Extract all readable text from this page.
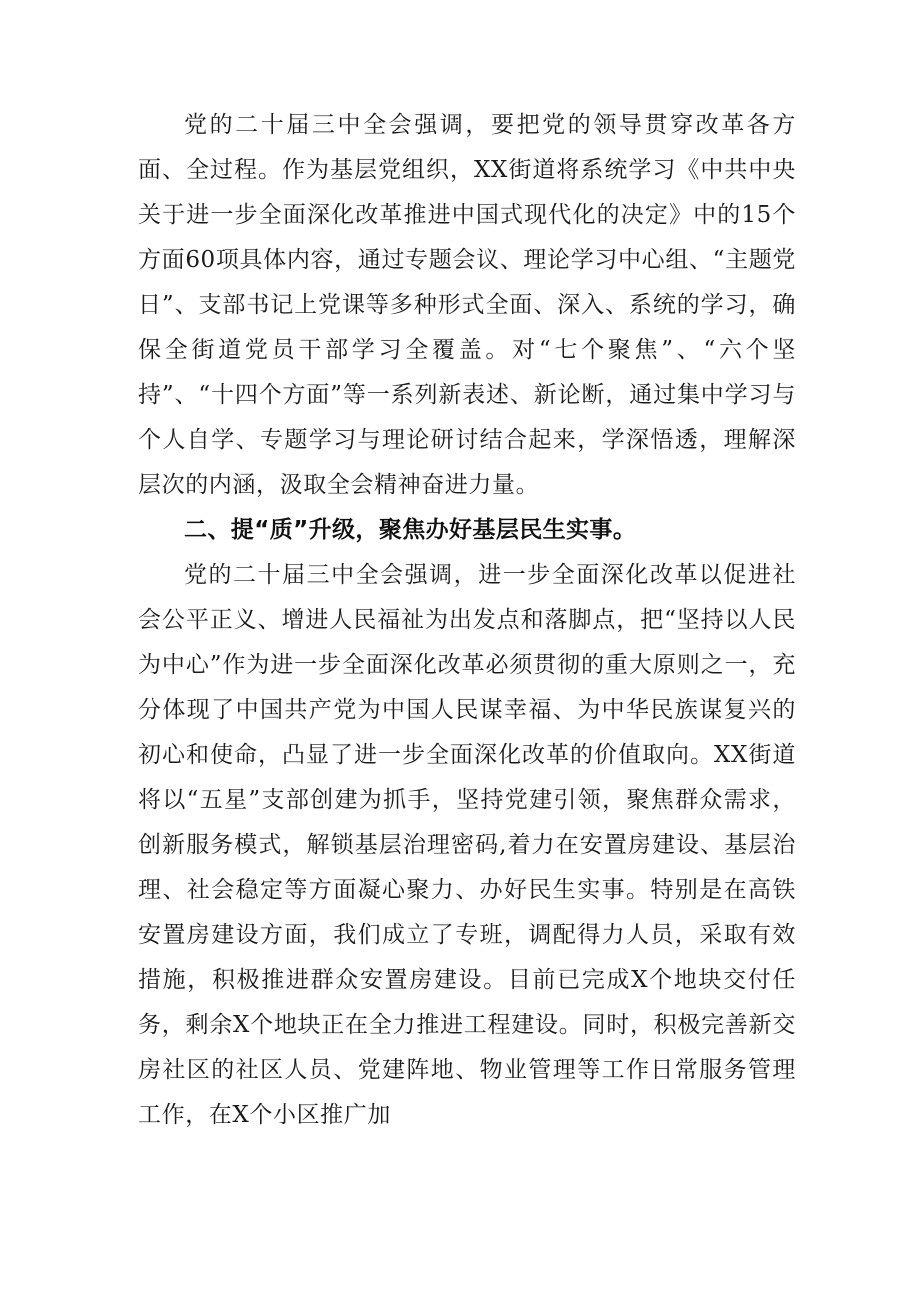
党的二十届三中全会强调，要把党的领导贯穿改革各方面、全过程。作为基层党组织，XX街道将系统学习《中共中央关于进一步全面深化改革推进中国式现代化的决定》中的15个方面60项具体内容，通过专题会议、理论学习中心组、“主题党日”、支部书记上党课等多种形式全面、深入、系统的学习，确保全街道党员干部学习全覆盖。对“七个聚焦”、“六个坚持”、“十四个方面”等一系列新表述、新论断，通过集中学习与个人自学、专题学习与理论研讨结合起来，学深悟透，理解深层次的内涵，汲取全会精神奋进力量。

二、提“质”升级，聚焦办好基层民生实事。

党的二十届三中全会强调，进一步全面深化改革以促进社会公平正义、增进人民福祉为出发点和落脚点，把“坚持以人民为中心”作为进一步全面深化改革必须贯彻的重大原则之一，充分体现了中国共产党为中国人民谋幸福、为中华民族谋复兴的初心和使命，凸显了进一步全面深化改革的价值取向。XX街道将以“五星”支部创建为抓手，坚持党建引领，聚焦群众需求，创新服务模式，解锁基层治理密码,着力在安置房建设、基层治理、社会稳定等方面凝心聚力、办好民生实事。特别是在高铁安置房建设方面，我们成立了专班，调配得力人员，采取有效措施，积极推进群众安置房建设。目前已完成X个地块交付任务，剩余X个地块正在全力推进工程建设。同时，积极完善新交房社区的社区人员、党建阵地、物业管理等工作日常服务管理工作，在X个小区推广加
